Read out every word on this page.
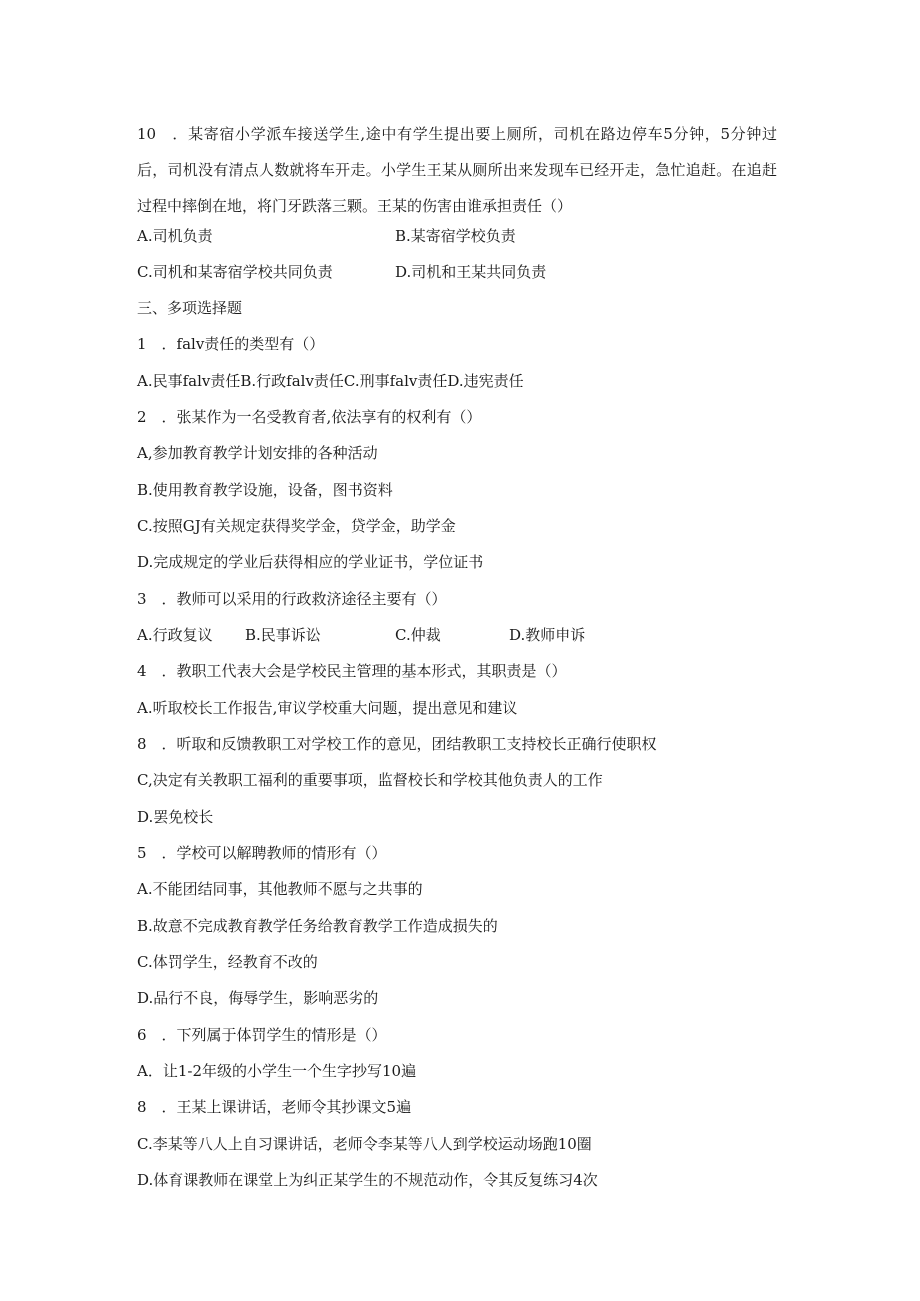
10　．某寄宿小学派车接送学生,途中有学生提出要上厕所，司机在路边停车5分钟，5分钟过后，司机没有清点人数就将车开走。小学生王某从厕所出来发现车已经开走，急忙追赶。在追赶过程中摔倒在地，将门牙跌落三颗。王某的伤害由谁承担责任（）
A.司机负责	B.某寄宿学校负责
C.司机和某寄宿学校共同负责	D.司机和王某共同负责
三、多项选择题
1　．falv责任的类型有（）
A.民事falv责任B.行政falv责任C.刑事falv责任D.违宪责任
2　．张某作为一名受教育者,依法享有的权利有（）
A,参加教育教学计划安排的各种活动
B.使用教育教学设施，设备，图书资料
C.按照GJ有关规定获得奖学金，贷学金，助学金
D.完成规定的学业后获得相应的学业证书，学位证书
3　．教师可以采用的行政救济途径主要有（）
A.行政复议 B.民事诉讼	C.仲裁	D.教师申诉
4　．教职工代表大会是学校民主管理的基本形式，其职责是（）
A.听取校长工作报告,审议学校重大问题，提出意见和建议
8　．听取和反馈教职工对学校工作的意见，团结教职工支持校长正确行使职权
C,决定有关教职工福利的重要事项，监督校长和学校其他负责人的工作
D.罢免校长
5　．学校可以解聘教师的情形有（）
A.不能团结同事，其他教师不愿与之共事的
B.故意不完成教育教学任务给教育教学工作造成损失的
C.体罚学生，经教育不改的
D.品行不良，侮辱学生，影响恶劣的
6　．下列属于体罚学生的情形是（）
A．让1-2年级的小学生一个生字抄写10遍
8　．王某上课讲话，老师令其抄课文5遍
C.李某等八人上自习课讲话，老师令李某等八人到学校运动场跑10圈
D.体育课教师在课堂上为纠正某学生的不规范动作，令其反复练习4次
